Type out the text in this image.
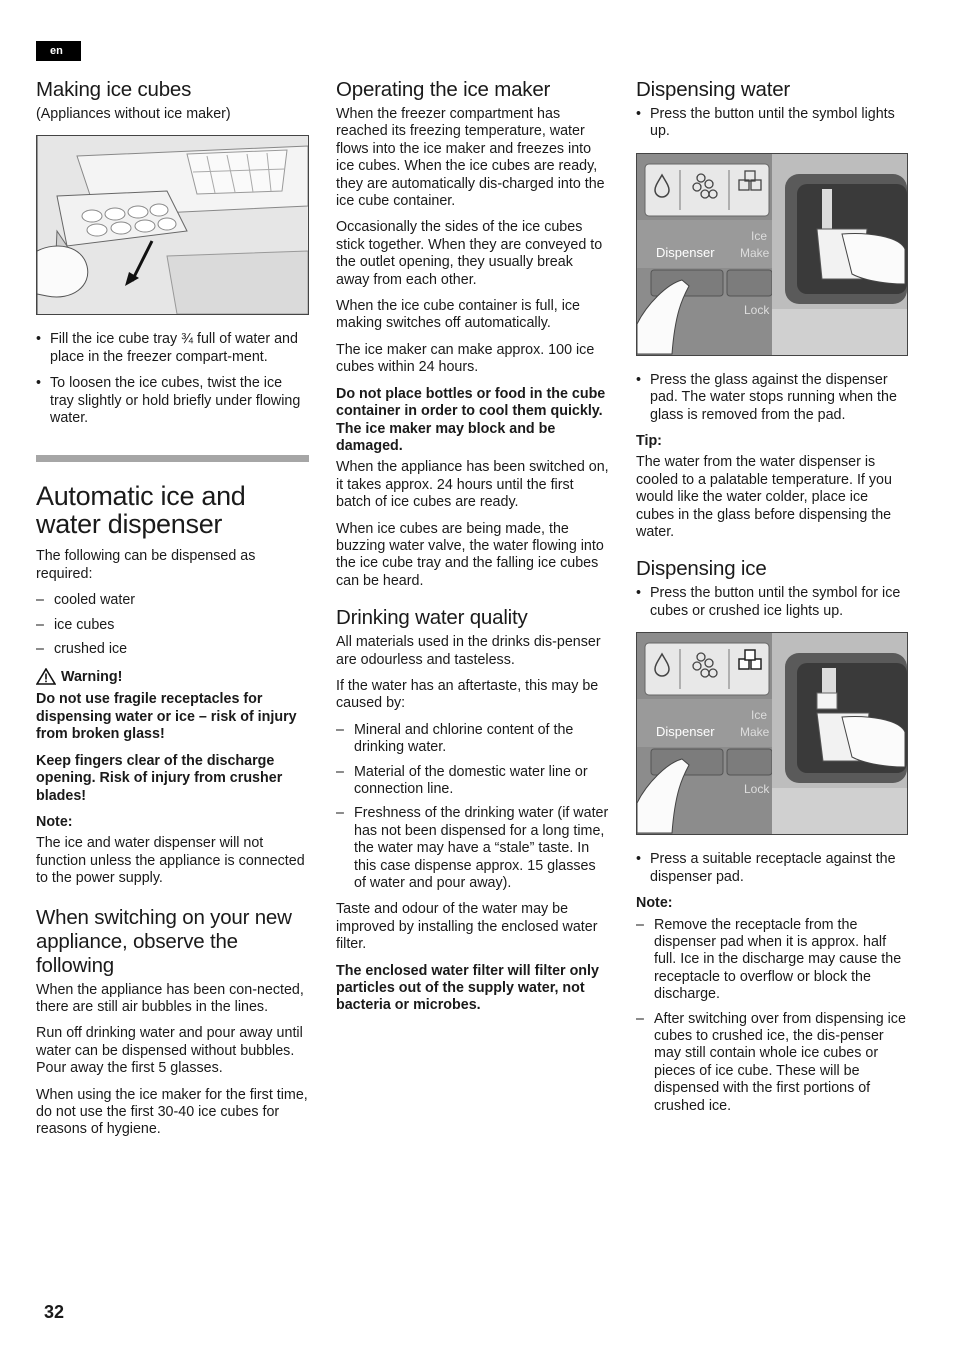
en
Making ice cubes

(Appliances without ice maker)

• Fill the ice cube tray ¾ full of water and place in the freezer compart-ment.
• To loosen the ice cubes, twist the ice tray slightly or hold briefly under flowing water.
Automatic ice and water dispenser

The following can be dispensed as required:

– cooled water
– ice cubes
– crushed ice
Warning!

Do not use fragile receptacles for dispensing water or ice – risk of injury from broken glass!

Keep fingers clear of the discharge opening. Risk of injury from crusher blades!

Note:

The ice and water dispenser will not function unless the appliance is connected to the power supply.

When switching on your new appliance, observe the following

When the appliance has been con-nected, there are still air bubbles in the lines.

Run off drinking water and pour away until water can be dispensed without bubbles. Pour away the first 5 glasses.

When using the ice maker for the first time, do not use the first 30-40 ice cubes for reasons of hygiene.

Operating the ice maker

When the freezer compartment has reached its freezing temperature, water flows into the ice maker and freezes into ice cubes. When the ice cubes are ready, they are automatically dis-charged into the ice cube container.

Occasionally the sides of the ice cubes stick together. When they are conveyed to the outlet opening, they usually break away from each other.

When the ice cube container is full, ice making switches off automatically.

The ice maker can make approx. 100 ice cubes within 24 hours.

Do not place bottles or food in the cube container in order to cool them quickly. The ice maker may block and be damaged.

When the appliance has been switched on, it takes approx. 24 hours until the first batch of ice cubes are ready.

When ice cubes are being made, the buzzing water valve, the water flowing into the ice cube tray and the falling ice cubes can be heard.

Drinking water quality

All materials used in the drinks dis-penser are odourless and tasteless.

If the water has an aftertaste, this may be caused by:

– Mineral and chlorine content of the drinking water.
– Material of the domestic water line or connection line.
– Freshness of the drinking water (if water has not been dispensed for a long time, the water may have a “stale” taste. In this case dispense approx. 15 glasses of water and pour away).

Taste and odour of the water may be improved by installing the enclosed water filter.

The enclosed water filter will filter only particles out of the supply water, not bacteria or microbes.

Dispensing water
• Press the button until the symbol lights up.
Dispenser
Ice
Make
Lock
• Press the glass against the dispenser pad. The water stops running when the glass is removed from the pad.

Tip:

The water from the water dispenser is cooled to a palatable temperature. If you would like the water colder, place ice cubes in the glass before dispensing the water.

Dispensing ice
• Press the button until the symbol for ice cubes or crushed ice lights up.
Dispenser
Ice
Make
Lock
• Press a suitable receptacle against the dispenser pad.

Note:

– Remove the receptacle from the dispenser pad when it is approx. half full. Ice in the discharge may cause the receptacle to overflow or block the discharge.
– After switching over from dispensing ice cubes to crushed ice, the dis-penser may still contain whole ice cubes or pieces of ice cube. These will be dispensed with the first portions of crushed ice.
32
